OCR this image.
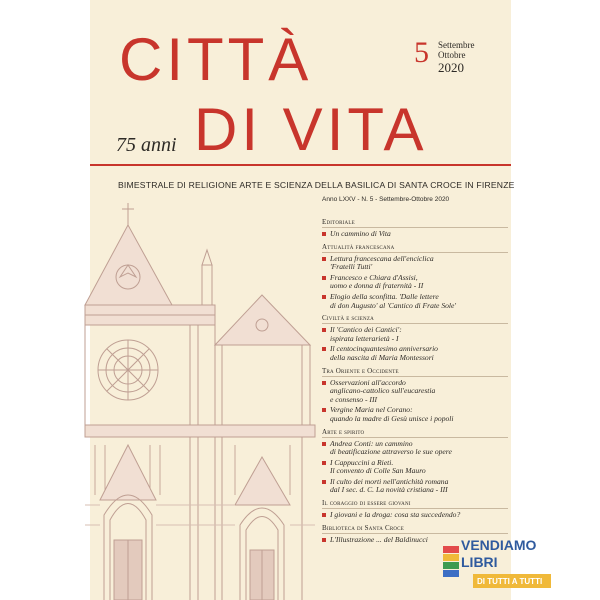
CITTÀ
DI VITA
75 anni
5 Settembre
Ottobre
2020
BIMESTRALE DI RELIGIONE ARTE E SCIENZA DELLA BASILICA DI SANTA CROCE IN FIRENZE
Anno LXXV - N. 5 - Settembre-Ottobre 2020
Editoriale
Un cammino di Vita
Attualità francescana
Lettura francescana dell'enciclica
'Fratelli Tutti'
Francesco e Chiara d'Assisi,
uomo e donna di fraternità - II
Elogio della sconfitta. 'Dalle lettere
di don Augusto' al 'Cantico di Frate Sole'
Civiltà e scienza
Il 'Cantico dei Cantici':
ispirata letterarietà - I
Il centocinquantesimo anniversario
della nascita di Maria Montessori
Tra Oriente e Occidente
Osservazioni all'accordo
anglicano-cattolico sull'eucarestia
e consenso - III
Vergine Maria nel Corano:
quando la madre di Gesù unisce i popoli
Arte e spirito
Andrea Conti: un cammino
di beatificazione attraverso le sue opere
I Cappuccini a Rieti.
Il convento di Colle San Mauro
Il culto dei morti nell'antichità romana
dal I sec. d. C. La novità cristiana - III
Il coraggio di essere giovani
I giovani e la droga: cosa sta succedendo?
Biblioteca di Santa Croce
L'Illustrazione ... del Baldinucci	VENDIAMO
LIBRI
DI TUTTI A TUTTI
